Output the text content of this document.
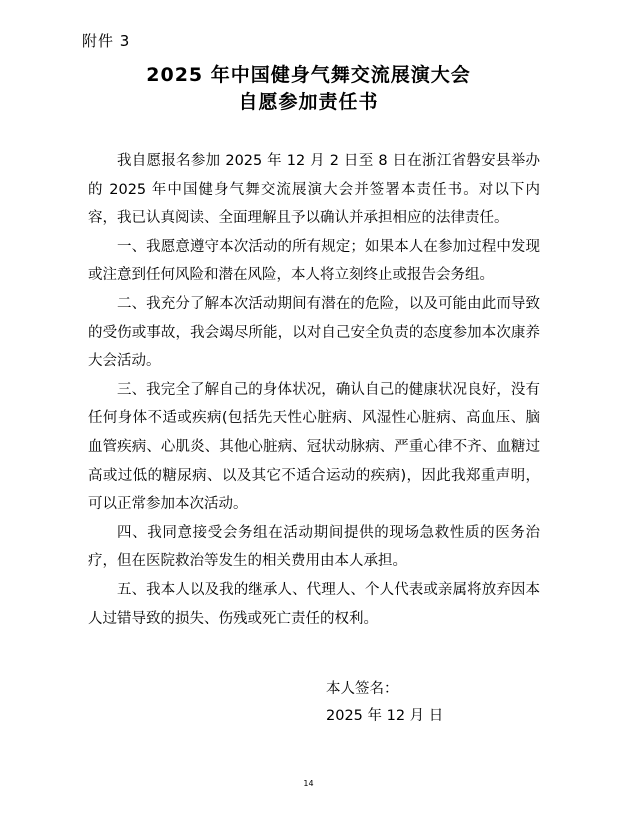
附件 3
2025 年中国健身气舞交流展演大会
自愿参加责任书

我自愿报名参加 2025 年 12 月 2 日至 8 日在浙江省磐安县举办的 2025 年中国健身气舞交流展演大会并签署本责任书。对以下内容，我已认真阅读、全面理解且予以确认并承担相应的法律责任。

一、我愿意遵守本次活动的所有规定；如果本人在参加过程中发现或注意到任何风险和潜在风险，本人将立刻终止或报告会务组。

二、我充分了解本次活动期间有潜在的危险，以及可能由此而导致的受伤或事故，我会竭尽所能，以对自己安全负责的态度参加本次康养大会活动。

三、我完全了解自己的身体状况，确认自己的健康状况良好，没有任何身体不适或疾病(包括先天性心脏病、风湿性心脏病、高血压、脑血管疾病、心肌炎、其他心脏病、冠状动脉病、严重心律不齐、血糖过高或过低的糖尿病、以及其它不适合运动的疾病)，因此我郑重声明，可以正常参加本次活动。

四、我同意接受会务组在活动期间提供的现场急救性质的医务治疗，但在医院救治等发生的相关费用由本人承担。

五、我本人以及我的继承人、代理人、个人代表或亲属将放弃因本人过错导致的损失、伤残或死亡责任的权利。

本人签名：
2025 年 12 月 日
14
